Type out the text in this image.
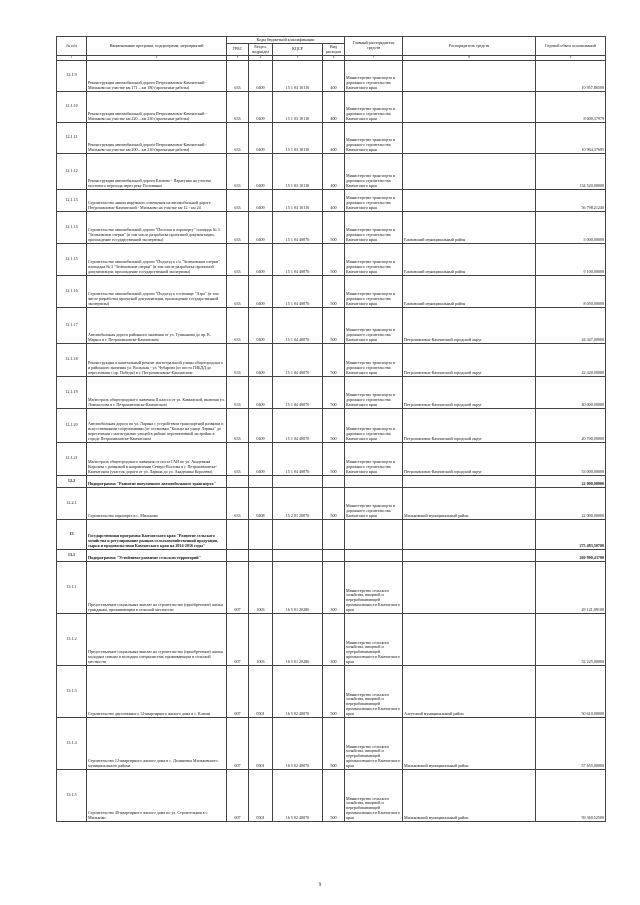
№ п/п	Наименование программ, подпрограмм, мероприятий	Коды бюджетной классификации				Главный распорядитель средств	Распорядитель средств	Годовой объем ассигнований
		ГРБС	Раздел, подраздел	КЦСР	Вид расходов			
1	2	3	4	5	6	7	8	9
12.1.9	Реконструкция автомобильной дороги Петропавловск-Камчатский - Мильково на участке км 171 – км 180 (проектные работы)	633	0409	15 1 03 10110	400	Министерство транспорта и дорожного строительства Камчатского края		10 957,86500
12.1.10	Реконструкция автомобильной дороги Петропавловск-Камчатский - Мильково на участке км 220 – км 230 (проектные работы)	633	0409	15 1 03 10110	400	Министерство транспорта и дорожного строительства Камчатского края		8 600,37979
12.1.11	Реконструкция автомобильной дороги Петропавловск-Камчатский - Мильково на участке км 200 – км 210 (проектные работы)	633	0409	15 1 03 10110	400	Министерство транспорта и дорожного строительства Камчатского края		10 964,37695
12.1.12	Реконструкция автомобильной дороги Елизово - Паратунка на участке мостового перехода через реку Половинка	633	0409	15 1 03 10110	400	Министерство транспорта и дорожного строительства Камчатского края		134 520,00000
12.1.13	Строительство линии наружного освещения на автомобильной дороге Петропавловск-Камчатский - Мильково на участке км 12 - км 24	633	0409	15 1 03 10110	400	Министерство транспорта и дорожного строительства Камчатского края		56 798,21240
12.1.14	Строительство автомобильной дороги "Поселок в аэропорту" площадь № 3 "Зеленовские озерки" (в том числе разработка проектной документации, прохождение государственной экспертизы)	633	0409	15 1 04 40070	500	Министерство транспорта и дорожного строительства Камчатского края	Елизовский муниципальный район	5 000,00000
12.1.15	Строительство автомобильной дороги "Подъезд к с/о "Зеленовские озерки" площадка № 3 "Зеленовские озерки" (в том числе разработка проектной документации, прохождение государственной экспертизы)	633	0409	15 1 04 40070	500	Министерство транспорта и дорожного строительства Камчатского края	Елизовский муниципальный район	9 100,00000
12.1.16	Строительство автомобильной дороги "Подъезд к гостинице "Аэро" (в том числе разработка проектной документации, прохождение государственной экспертизы)	633	0409	15 1 04 40070	500	Министерство транспорта и дорожного строительства Камчатского края	Елизовский муниципальный район	8 050,00000
12.1.17	Автомобильная дорога районного значения от ул. Тушканова до пр. К. Маркса в г. Петропавловске-Камчатском	633	0409	15 1 04 40070	500	Министерство транспорта и дорожного строительства Камчатского края	Петропавловск-Камчатский городской округ	44 347,00000
12.1.18	Реконструкция и капитальный ремонт магистральной улицы общегородского и районного значения ул. Вольская - ул. Чубарова (от поста ГИБДД до пересечения с пр. Победы) в г. Петропавловске-Камчатском	633	0409	15 1 04 40070	500	Министерство транспорта и дорожного строительства Камчатского края	Петропавловск-Камчатский городской округ	42 420,00000
12.1.19	Магистраль общегородского значения II класса от ул. Кавказской, включая ул. Ломоносова в г. Петропавловске-Камчатском	633	0409	15 1 04 40070	500	Министерство транспорта и дорожного строительства Камчатского края	Петропавловск-Камчатский городской округ	40 000,00000
12.1.20	Автомобильная дорога по ул. Ларина с устройством транспортной развязки и искусственными сооружениями (от остановки "Кольцо на улице Ларина" до пересечения с магистралью улицей в районе перспективной застройки в городе Петропавловске-Камчатском	633	0409	15 1 04 40070	500	Министерство транспорта и дорожного строительства Камчатского края	Петропавловск-Камчатский городской округ	20 700,00000
12.1.21	Магистраль общегородского значения от поста ГАИ по ул. Академика Королева с развязкой в направлении Северо-Востока в г. Петропавловске-Камчатском (участок дороги от ул. Ларина до ул. Академика Королёва)	633	0409	15 1 04 40070	500	Министерство транспорта и дорожного строительства Камчатского края	Петропавловск-Камчатский городской округ	53 000,00000
12.2	Подпрограмма "Развитие внеуличного автомобильного транспорта"							22 000,00000
12.2.1	Строительство аэропорта в с. Мильково	633	0408	15 2 01 20070	500	Министерство транспорта и дорожного строительства Камчатского края	Мильковский муниципальный район	22 000,00000
13	Государственная программа Камчатского края "Развитие сельского хозяйства и регулирование рынков сельскохозяйственной продукции, сырья и продовольствия Камчатского края на 2014-2016 годы"							275 483,50700
13.1	Подпрограмма "Устойчивое развитие сельских территорий"							260 990,43700
13.1.1	Предоставление социальных выплат на строительство (приобретение) жилья гражданам, проживающим в сельской местности	607	1003	16 5 01 20280	300	Министерство сельского хозяйства, пищевой и перерабатывающей промышленности Камчатского края		29 121,09100
13.1.2	Предоставление социальных выплат на строительство (приобретение) жилья молодым семьям и молодым специалистам, проживающим в сельской местности	607	1003	16 5 01 20280	300	Министерство сельского хозяйства, пищевой и перерабатывающей промышленности Камчатского края		32 225,00000
13.1.3	Строительство двухэтажного 12-квартирного жилого дома в с. Ключи	607	0501	16 5 02 40070	500	Министерство сельского хозяйства, пищевой и перерабатывающей промышленности Камчатского края	Алеутский муниципальный район	50 610,00000
13.1.4	Строительство 12-квартирного жилого дома в с. Долиновка Мильковского муниципального района	607	0501	16 5 02 40070	500	Министерство сельского хозяйства, пищевой и перерабатывающей промышленности Камчатского края	Мильковский муниципальный район	57 655,00000
13.1.5	Строительство 40-квартирного жилого дома по ул. Строительная в с. Мильково	607	0501	16 5 02 40070	500	Министерство сельского хозяйства, пищевой и перерабатывающей промышленности Камчатского края	Мильковский муниципальный район	59 360,52500
9
